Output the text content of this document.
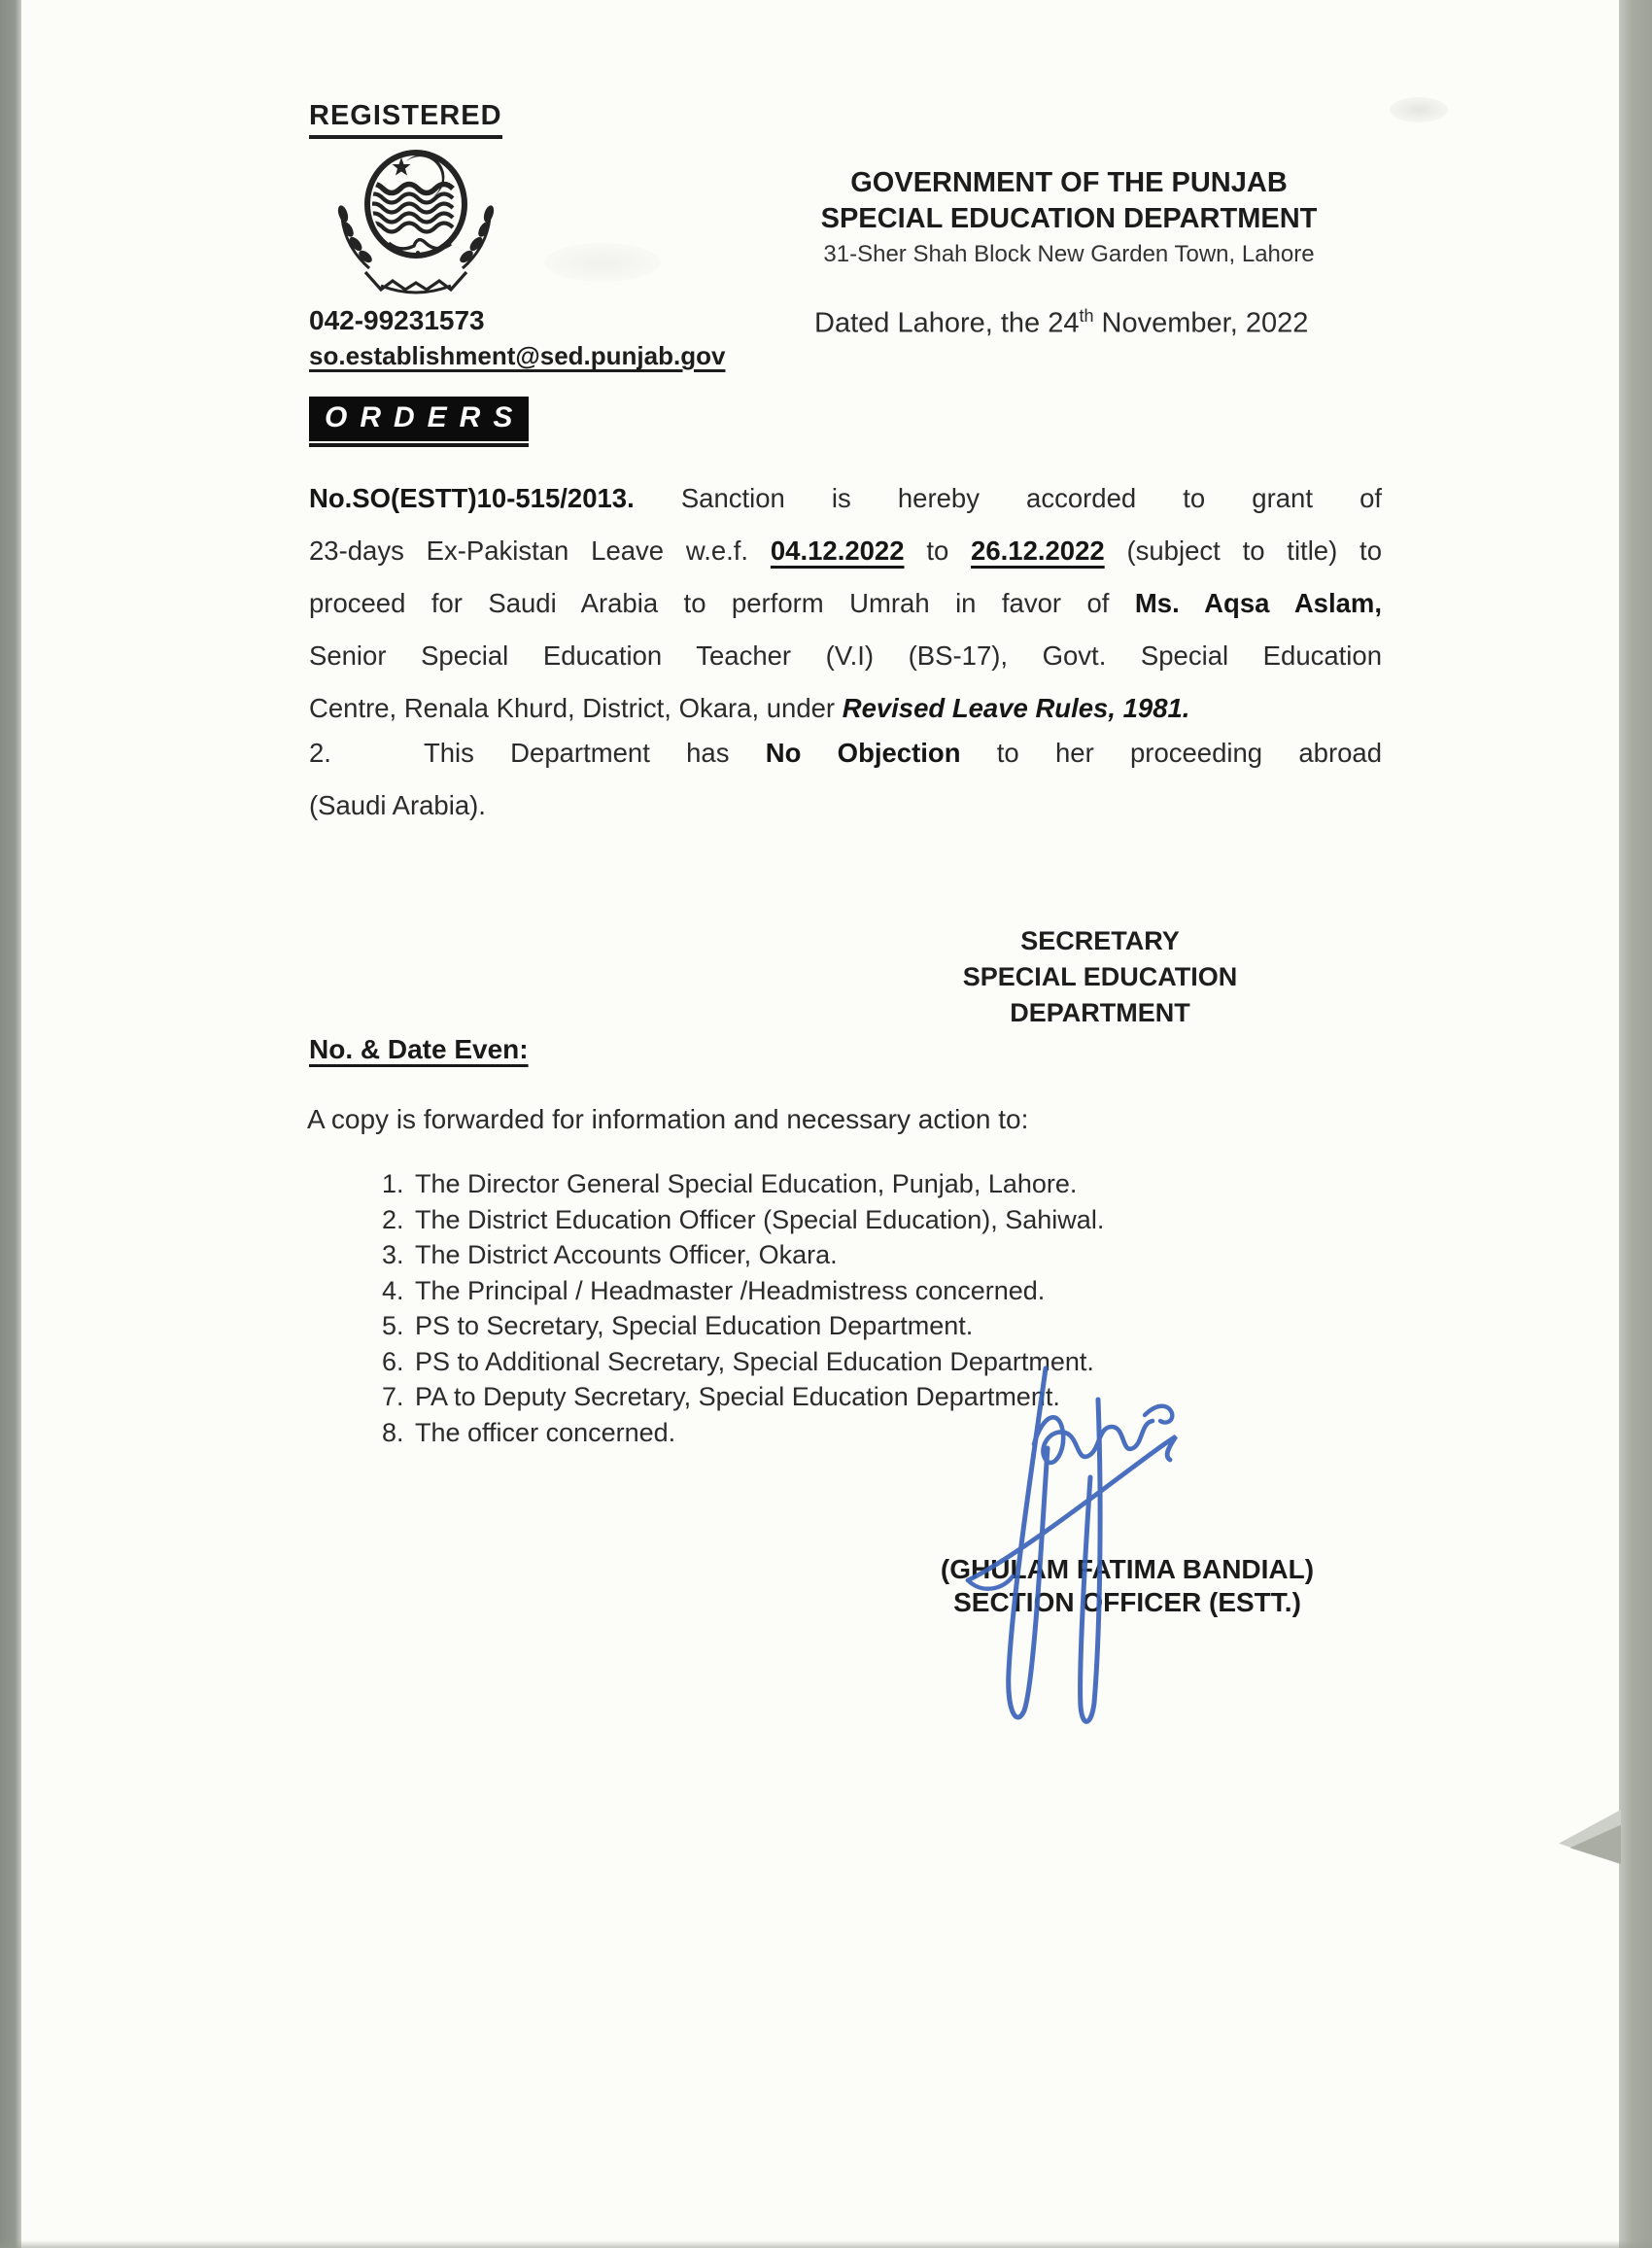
REGISTERED
042-99231573
so.establishment@sed.punjab.gov
GOVERNMENT OF THE PUNJAB
SPECIAL EDUCATION DEPARTMENT
31-Sher Shah Block New Garden Town, Lahore
Dated Lahore, the 24th November, 2022
ORDERS
No.SO(ESTT)10-515/2013. Sanction is hereby accorded to grant of
23-days Ex-Pakistan Leave w.e.f. 04.12.2022 to 26.12.2022 (subject to title) to
proceed for Saudi Arabia to perform Umrah in favor of Ms. Aqsa Aslam,
Senior Special Education Teacher (V.I) (BS-17), Govt. Special Education
Centre, Renala Khurd, District, Okara, under Revised Leave Rules, 1981.
2.	This Department has No Objection to her proceeding abroad
(Saudi Arabia).
SECRETARY
SPECIAL EDUCATION
DEPARTMENT
No. & Date Even:
A copy is forwarded for information and necessary action to:
1. The Director General Special Education, Punjab, Lahore.
2. The District Education Officer (Special Education), Sahiwal.
3. The District Accounts Officer, Okara.
4. The Principal / Headmaster /Headmistress concerned.
5. PS to Secretary, Special Education Department.
6. PS to Additional Secretary, Special Education Department.
7. PA to Deputy Secretary, Special Education Department.
8. The officer concerned.
(GHULAM FATIMA BANDIAL)
SECTION OFFICER (ESTT.)
